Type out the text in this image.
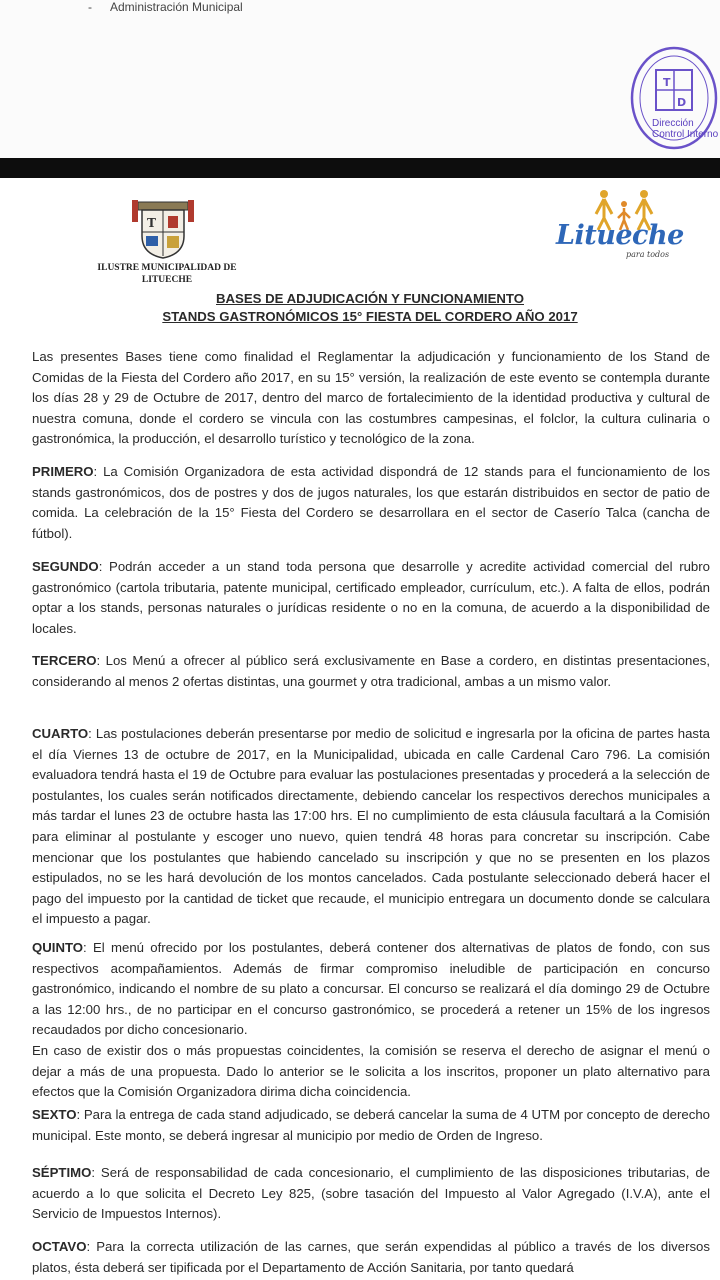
- Administración Municipal
T
D
Dirección
Control Interno
T
ILUSTRE MUNICIPALIDAD DE
LITUECHE
Litueche
para todos
BASES DE ADJUDICACIÓN Y FUNCIONAMIENTO
STANDS GASTRONÓMICOS 15° FIESTA DEL CORDERO AÑO 2017
Las presentes Bases tiene como finalidad el Reglamentar la adjudicación y funcionamiento de los Stand de Comidas de la Fiesta del Cordero año 2017, en su 15° versión, la realización de este evento se contempla durante los días 28 y 29 de Octubre de 2017, dentro del marco de fortalecimiento de la identidad productiva y cultural de nuestra comuna, donde el cordero se vincula con las costumbres campesinas, el folclor, la cultura culinaria o gastronómica, la producción, el desarrollo turístico y tecnológico de la zona.
PRIMERO: La Comisión Organizadora de esta actividad dispondrá de 12 stands para el funcionamiento de los stands gastronómicos, dos de postres y dos de jugos naturales, los que estarán distribuidos en sector de patio de comida. La celebración de la 15° Fiesta del Cordero se desarrollara en el sector de Caserío Talca (cancha de fútbol).
SEGUNDO: Podrán acceder a un stand toda persona que desarrolle y acredite actividad comercial del rubro gastronómico (cartola tributaria, patente municipal, certificado empleador, currículum, etc.). A falta de ellos, podrán optar a los stands, personas naturales o jurídicas residente o no en la comuna, de acuerdo a la disponibilidad de locales.
TERCERO: Los Menú a ofrecer al público será exclusivamente en Base a cordero, en distintas presentaciones, considerando al menos 2 ofertas distintas, una gourmet y otra tradicional, ambas a un mismo valor.
CUARTO: Las postulaciones deberán presentarse por medio de solicitud e ingresarla por la oficina de partes hasta el día Viernes 13 de octubre de 2017, en la Municipalidad, ubicada en calle Cardenal Caro 796. La comisión evaluadora tendrá hasta el 19 de Octubre para evaluar las postulaciones presentadas y procederá a la selección de postulantes, los cuales serán notificados directamente, debiendo cancelar los respectivos derechos municipales a más tardar el lunes 23 de octubre hasta las 17:00 hrs. El no cumplimiento de esta cláusula facultará a la Comisión para eliminar al postulante y escoger uno nuevo, quien tendrá 48 horas para concretar su inscripción. Cabe mencionar que los postulantes que habiendo cancelado su inscripción y que no se presenten en los plazos estipulados, no se les hará devolución de los montos cancelados. Cada postulante seleccionado deberá hacer el pago del impuesto por la cantidad de ticket que recaude, el municipio entregara un documento donde se calculara el impuesto a pagar.
QUINTO: El menú ofrecido por los postulantes, deberá contener dos alternativas de platos de fondo, con sus respectivos acompañamientos. Además de firmar compromiso ineludible de participación en concurso gastronómico, indicando el nombre de su plato a concursar. El concurso se realizará el día domingo 29 de Octubre a las 12:00 hrs., de no participar en el concurso gastronómico, se procederá a retener un 15% de los ingresos recaudados por dicho concesionario.
En caso de existir dos o más propuestas coincidentes, la comisión se reserva el derecho de asignar el menú o dejar a más de una propuesta. Dado lo anterior se le solicita a los inscritos, proponer un plato alternativo para efectos que la Comisión Organizadora dirima dicha coincidencia.
SEXTO: Para la entrega de cada stand adjudicado, se deberá cancelar la suma de 4 UTM por concepto de derecho municipal. Este monto, se deberá ingresar al municipio por medio de Orden de Ingreso.
SÉPTIMO: Será de responsabilidad de cada concesionario, el cumplimiento de las disposiciones tributarias, de acuerdo a lo que solicita el Decreto Ley 825, (sobre tasación del Impuesto al Valor Agregado (I.V.A), ante el Servicio de Impuestos Internos).
OCTAVO: Para la correcta utilización de las carnes, que serán expendidas al público a través de los diversos platos, ésta deberá ser tipificada por el Departamento de Acción Sanitaria, por tanto quedará
